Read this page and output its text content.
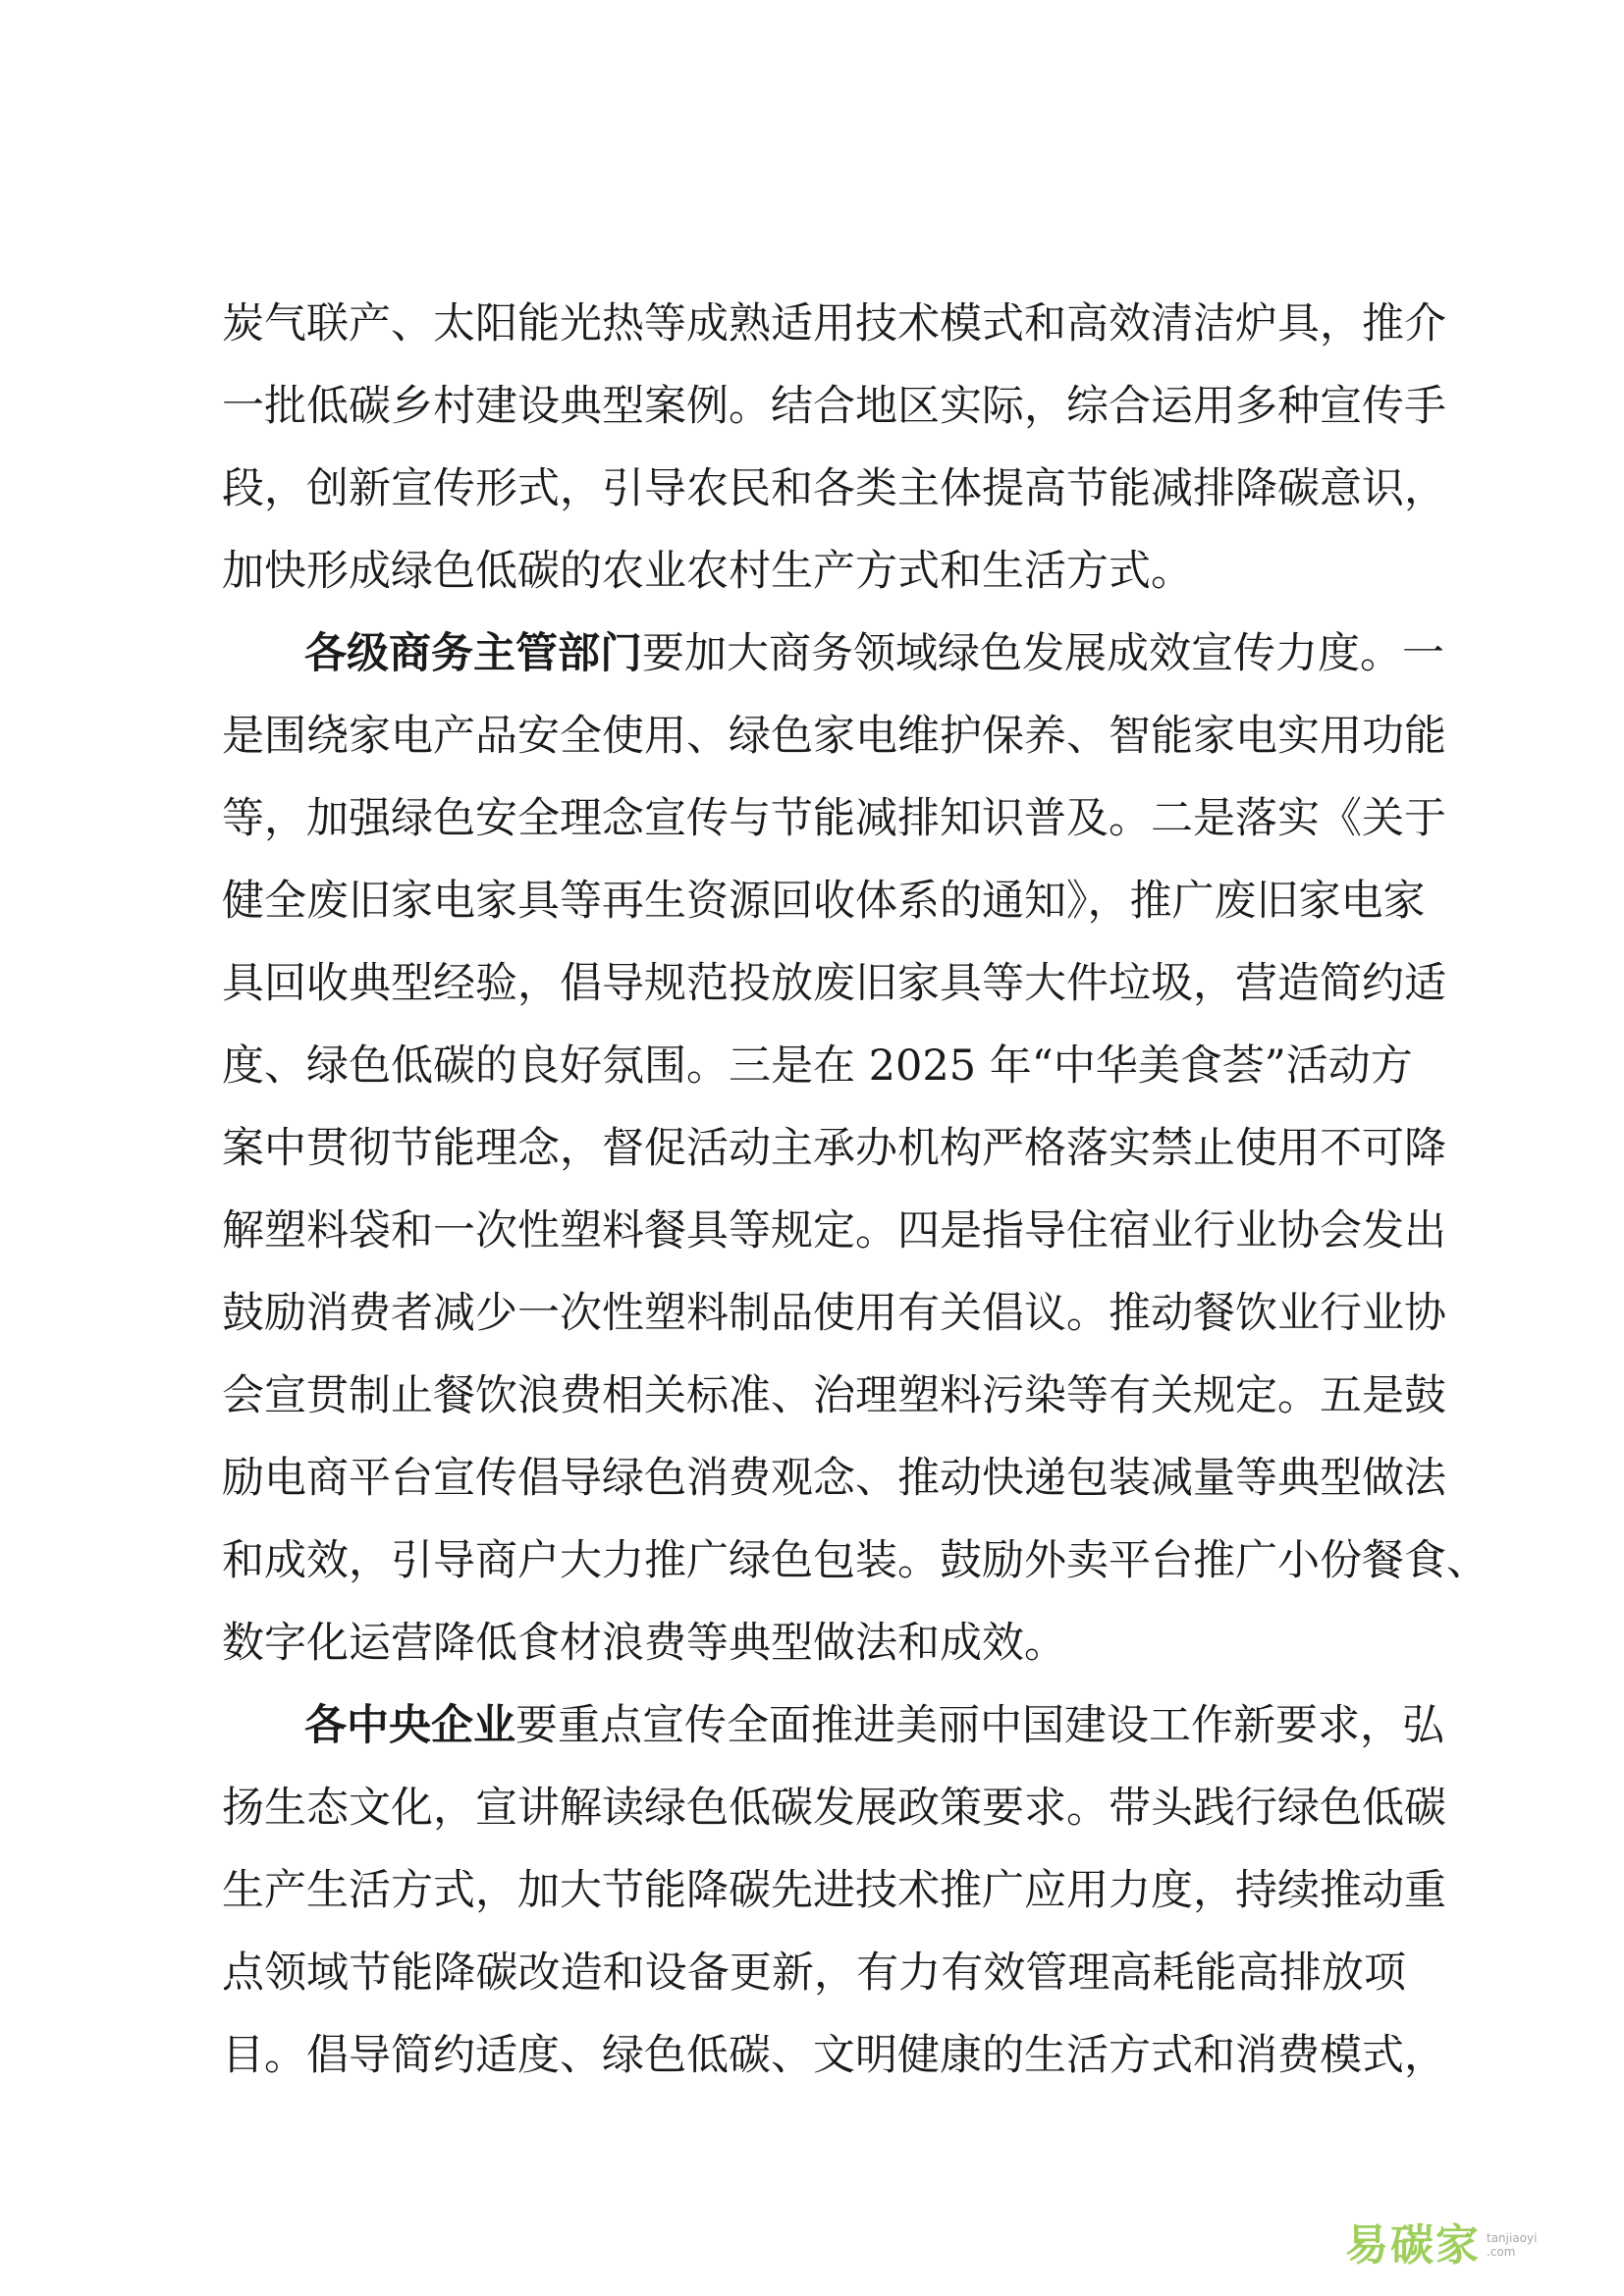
炭气联产、太阳能光热等成熟适用技术模式和高效清洁炉具，推介
一批低碳乡村建设典型案例。结合地区实际，综合运用多种宣传手
段，创新宣传形式，引导农民和各类主体提高节能减排降碳意识，
加快形成绿色低碳的农业农村生产方式和生活方式。
各级商务主管部门要加大商务领域绿色发展成效宣传力度。一
是围绕家电产品安全使用、绿色家电维护保养、智能家电实用功能
等，加强绿色安全理念宣传与节能减排知识普及。二是落实《关于
健全废旧家电家具等再生资源回收体系的通知》，推广废旧家电家
具回收典型经验，倡导规范投放废旧家具等大件垃圾，营造简约适
度、绿色低碳的良好氛围。三是在 2025 年“中华美食荟”活动方
案中贯彻节能理念，督促活动主承办机构严格落实禁止使用不可降
解塑料袋和一次性塑料餐具等规定。四是指导住宿业行业协会发出
鼓励消费者减少一次性塑料制品使用有关倡议。推动餐饮业行业协
会宣贯制止餐饮浪费相关标准、治理塑料污染等有关规定。五是鼓
励电商平台宣传倡导绿色消费观念、推动快递包装减量等典型做法
和成效，引导商户大力推广绿色包装。鼓励外卖平台推广小份餐食、
数字化运营降低食材浪费等典型做法和成效。
各中央企业要重点宣传全面推进美丽中国建设工作新要求，弘
扬生态文化，宣讲解读绿色低碳发展政策要求。带头践行绿色低碳
生产生活方式，加大节能降碳先进技术推广应用力度，持续推动重
点领域节能降碳改造和设备更新，有力有效管理高耗能高排放项
目。倡导简约适度、绿色低碳、文明健康的生活方式和消费模式，
易碳家 tanjiaoyi
.com
